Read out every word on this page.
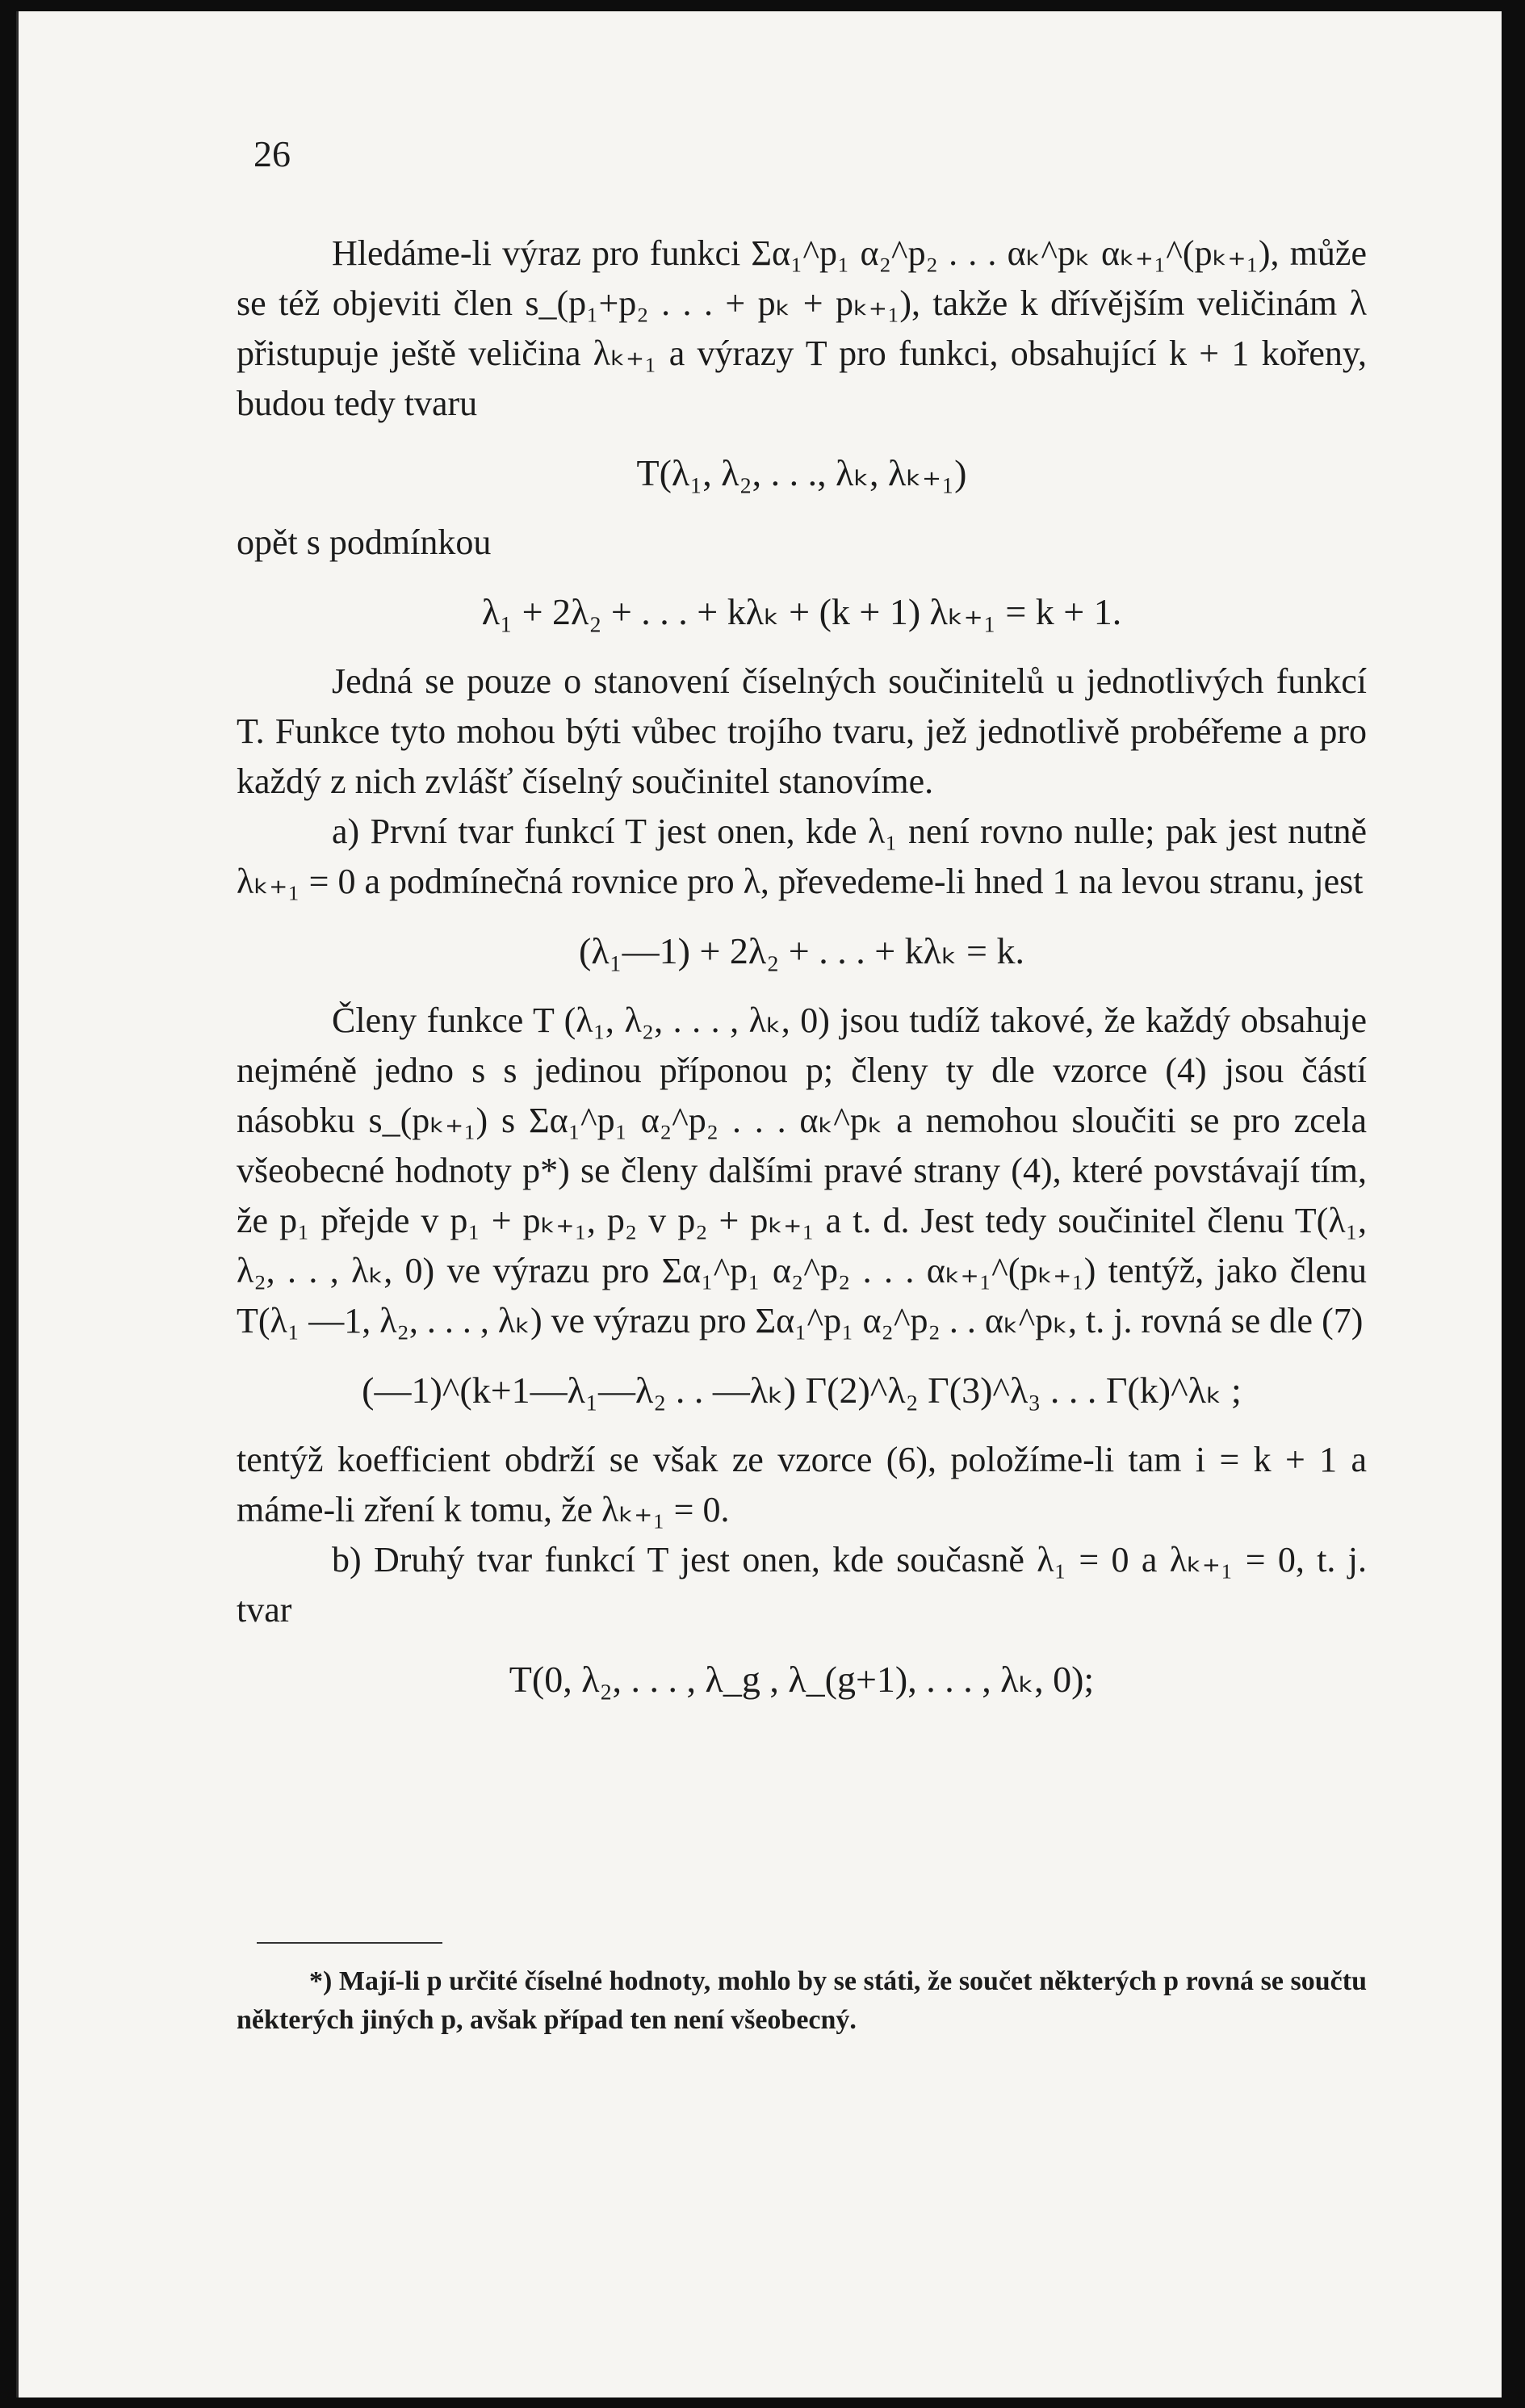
26

Hledáme-li výraz pro funkci Σα₁^p₁ α₂^p₂ . . . αₖ^pₖ αₖ₊₁^(pₖ₊₁), může se též objeviti člen s_(p₁+p₂ . . . + pₖ + pₖ₊₁), takže k dřívějším veličinám λ přistupuje ještě veličina λₖ₊₁ a výrazy T pro funkci, obsahující k + 1 kořeny, budou tedy tvaru

T(λ₁, λ₂, . . ., λₖ, λₖ₊₁)

opět s podmínkou

λ₁ + 2λ₂ + . . . + kλₖ + (k + 1) λₖ₊₁ = k + 1.

Jedná se pouze o stanovení číselných součinitelů u jednotlivých funkcí T. Funkce tyto mohou býti vůbec trojího tvaru, jež jednotlivě probéřeme a pro každý z nich zvlášť číselný součinitel stanovíme.

a) První tvar funkcí T jest onen, kde λ₁ není rovno nulle; pak jest nutně λₖ₊₁ = 0 a podmínečná rovnice pro λ, převedeme-li hned 1 na levou stranu, jest

(λ₁—1) + 2λ₂ + . . . + kλₖ = k.

Členy funkce T (λ₁, λ₂, . . . , λₖ, 0) jsou tudíž takové, že každý obsahuje nejméně jedno s s jedinou příponou p; členy ty dle vzorce (4) jsou částí násobku s_(pₖ₊₁) s Σα₁^p₁ α₂^p₂ . . . αₖ^pₖ a nemohou sloučiti se pro zcela všeobecné hodnoty p*) se členy dalšími pravé strany (4), které povstávají tím, že p₁ přejde v p₁ + pₖ₊₁, p₂ v p₂ + pₖ₊₁ a t. d. Jest tedy součinitel členu T(λ₁, λ₂, . . , λₖ, 0) ve výrazu pro Σα₁^p₁ α₂^p₂ . . . αₖ₊₁^(pₖ₊₁) tentýž, jako členu T(λ₁ —1, λ₂, . . . , λₖ) ve výrazu pro Σα₁^p₁ α₂^p₂ . . αₖ^pₖ, t. j. rovná se dle (7)

(—1)^(k+1—λ₁—λ₂ . . —λₖ) Γ(2)^λ₂ Γ(3)^λ₃ . . . Γ(k)^λₖ ;

tentýž koefficient obdrží se však ze vzorce (6), položíme-li tam i = k + 1 a máme-li zření k tomu, že λₖ₊₁ = 0.

b) Druhý tvar funkcí T jest onen, kde současně λ₁ = 0 a λₖ₊₁ = 0, t. j. tvar

T(0, λ₂, . . . , λ_g , λ_(g+1), . . . , λₖ, 0);

*) Mají-li p určité číselné hodnoty, mohlo by se státi, že součet některých p rovná se součtu některých jiných p, avšak případ ten není všeobecný.
